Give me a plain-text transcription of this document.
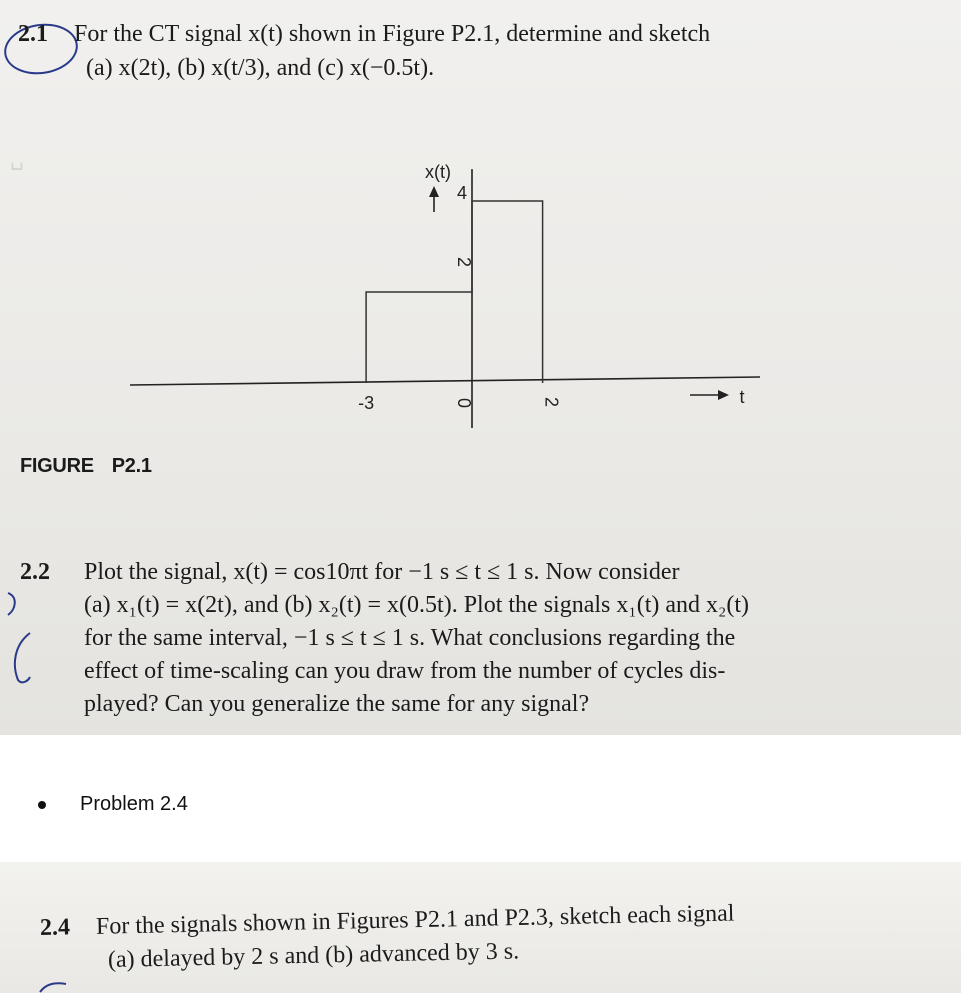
␣
2.1 For the CT signal x(t) shown in Figure P2.1, determine and sketch
(a) x(2t), (b) x(t/3), and (c) x(−0.5t).
-3	0	2
2
4
x(t)
t
FIGURE P2.1
2.2 Plot the signal, x(t) = cos10πt for −1 s ≤ t ≤ 1 s. Now consider
(a) x₁(t) = x(2t), and (b) x₂(t) = x(0.5t). Plot the signals x₁(t) and x₂(t)
for the same interval, −1 s ≤ t ≤ 1 s. What conclusions regarding the
effect of time-scaling can you draw from the number of cycles dis-
played? Can you generalize the same for any signal?
Problem 2.4
2.4 For the signals shown in Figures P2.1 and P2.3, sketch each signal
(a) delayed by 2 s and (b) advanced by 3 s.
